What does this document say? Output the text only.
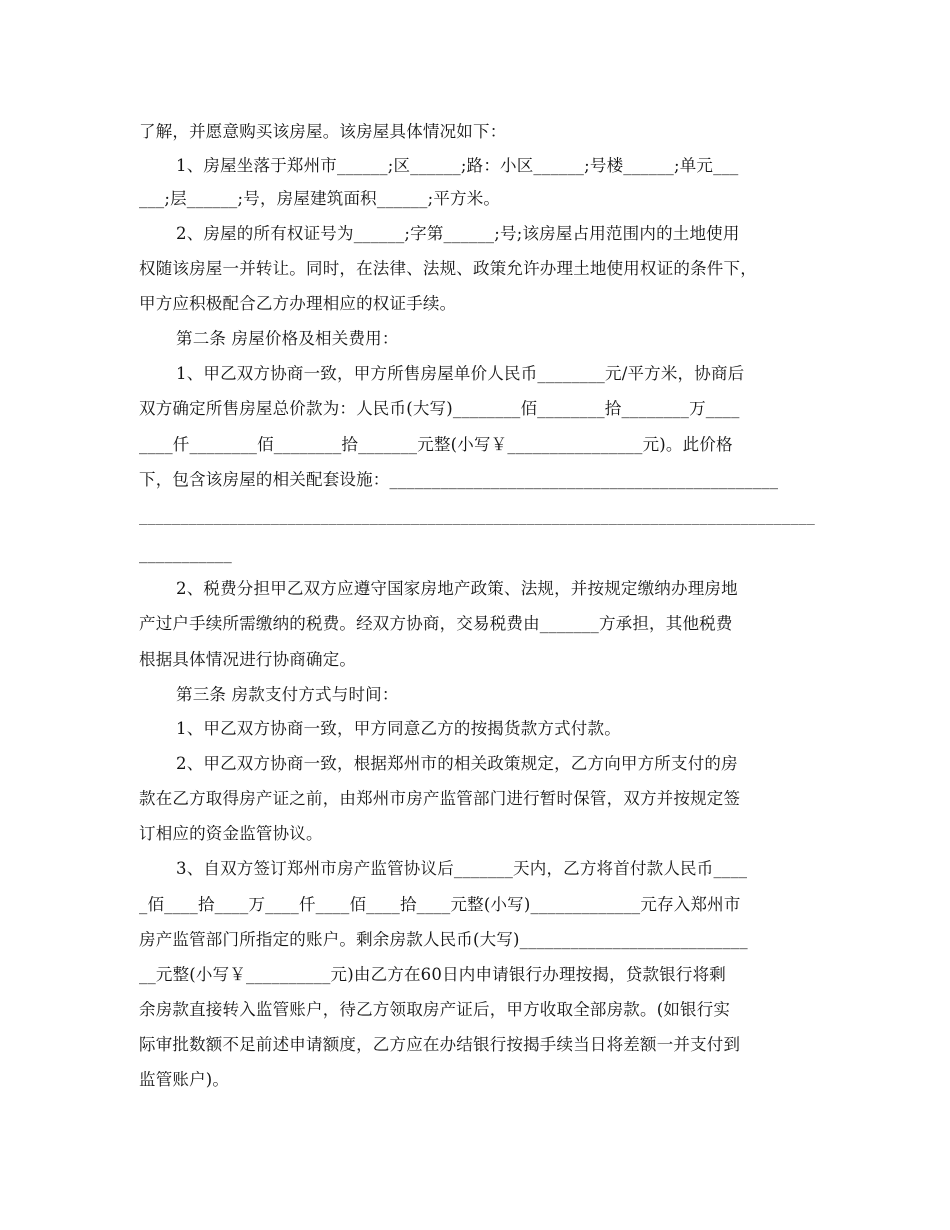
了解，并愿意购买该房屋。该房屋具体情况如下：
1、房屋坐落于郑州市______;区______;路：小区______;号楼______;单元___
___;层______;号，房屋建筑面积______;平方米。
2、房屋的所有权证号为______;字第______;号;该房屋占用范围内的土地使用
权随该房屋一并转让。同时，在法律、法规、政策允许办理土地使用权证的条件下，
甲方应积极配合乙方办理相应的权证手续。
第二条 房屋价格及相关费用：
1、甲乙双方协商一致，甲方所售房屋单价人民币________元/平方米，协商后
双方确定所售房屋总价款为：人民币(大写)________佰________拾________万____
____仟________佰________拾_______元整(小写￥________________元)。此价格
下，包含该房屋的相关配套设施：______________________________________________
__________________________________________________________________________________
___________
2、税费分担甲乙双方应遵守国家房地产政策、法规，并按规定缴纳办理房地
产过户手续所需缴纳的税费。经双方协商，交易税费由_______方承担，其他税费
根据具体情况进行协商确定。
第三条 房款支付方式与时间：
1、甲乙双方协商一致，甲方同意乙方的按揭货款方式付款。
2、甲乙双方协商一致，根据郑州市的相关政策规定，乙方向甲方所支付的房
款在乙方取得房产证之前，由郑州市房产监管部门进行暂时保管，双方并按规定签
订相应的资金监管协议。
3、自双方签订郑州市房产监管协议后_______天内，乙方将首付款人民币____
_佰____拾____万____仟____佰____拾____元整(小写)_____________元存入郑州市
房产监管部门所指定的账户。剩余房款人民币(大写)___________________________
__元整(小写￥__________元)由乙方在60日内申请银行办理按揭，贷款银行将剩
余房款直接转入监管账户，待乙方领取房产证后，甲方收取全部房款。(如银行实
际审批数额不足前述申请额度，乙方应在办结银行按揭手续当日将差额一并支付到
监管账户)。
